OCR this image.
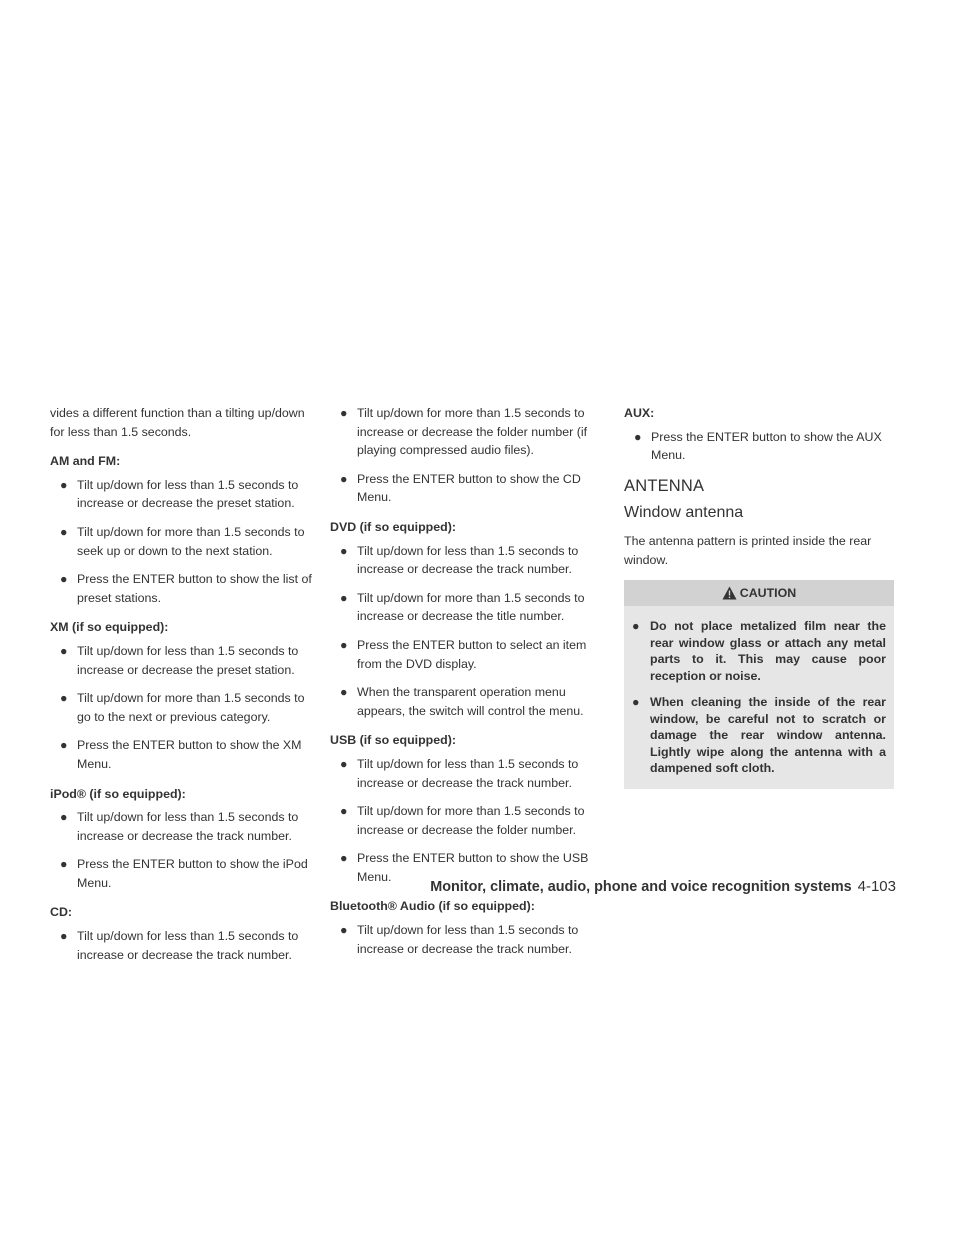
vides a different function than a tilting up/down for less than 1.5 seconds.

AM and FM:
● Tilt up/down for less than 1.5 seconds to increase or decrease the preset station.
● Tilt up/down for more than 1.5 seconds to seek up or down to the next station.
● Press the ENTER button to show the list of preset stations.
XM (if so equipped):
● Tilt up/down for less than 1.5 seconds to increase or decrease the preset station.
● Tilt up/down for more than 1.5 seconds to go to the next or previous category.
● Press the ENTER button to show the XM Menu.
iPod® (if so equipped):
● Tilt up/down for less than 1.5 seconds to increase or decrease the track number.
● Press the ENTER button to show the iPod Menu.
CD:
● Tilt up/down for less than 1.5 seconds to increase or decrease the track number.
● Tilt up/down for more than 1.5 seconds to increase or decrease the folder number (if playing compressed audio files).
● Press the ENTER button to show the CD Menu.
DVD (if so equipped):
● Tilt up/down for less than 1.5 seconds to increase or decrease the track number.
● Tilt up/down for more than 1.5 seconds to increase or decrease the title number.
● Press the ENTER button to select an item from the DVD display.
● When the transparent operation menu appears, the switch will control the menu.
USB (if so equipped):
● Tilt up/down for less than 1.5 seconds to increase or decrease the track number.
● Tilt up/down for more than 1.5 seconds to increase or decrease the folder number.
● Press the ENTER button to show the USB Menu.
Bluetooth® Audio (if so equipped):
● Tilt up/down for less than 1.5 seconds to increase or decrease the track number.
AUX:
● Press the ENTER button to show the AUX Menu.
ANTENNA
Window antenna

The antenna pattern is printed inside the rear window.

CAUTION
● Do not place metalized film near the rear window glass or attach any metal parts to it. This may cause poor reception or noise.
● When cleaning the inside of the rear window, be careful not to scratch or damage the rear window antenna. Lightly wipe along the antenna with a dampened soft cloth.
Monitor, climate, audio, phone and voice recognition systems 4-103
